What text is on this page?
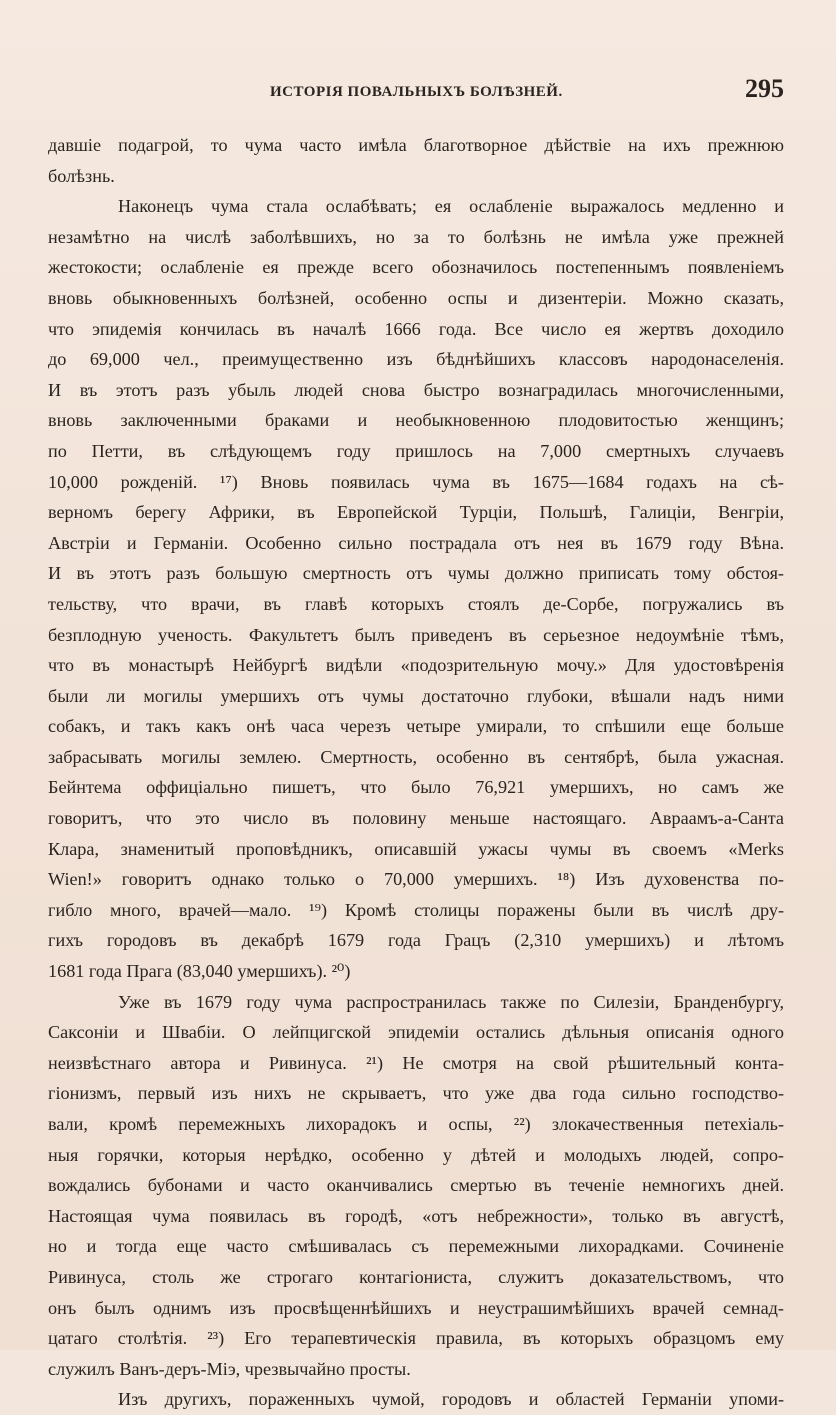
ИСТОРІЯ ПОВАЛЬНЫХЪ БОЛѢЗНЕЙ.	295
давшіе подагрой, то чума часто имѣла благотворное дѣйствіе на ихъ прежнюю
болѣзнь.
Наконецъ чума стала ослабѣвать; ея ослабленіе выражалось медленно и
незамѣтно на числѣ заболѣвшихъ, но за то болѣзнь не имѣла уже прежней
жестокости; ослабленіе ея прежде всего обозначилось постепеннымъ появленіемъ
вновь обыкновенныхъ болѣзней, особенно оспы и дизентеріи. Можно сказать,
что эпидемія кончилась въ началѣ 1666 года. Все число ея жертвъ доходило
до 69,000 чел., преимущественно изъ бѣднѣйшихъ классовъ народонаселенія.
И въ этотъ разъ убыль людей снова быстро вознаградилась многочисленными,
вновь заключенными браками и необыкновенною плодовитостью женщинъ;
по Петти, въ слѣдующемъ году пришлось на 7,000 смертныхъ случаевъ
10,000 рожденій. ¹⁷) Вновь появилась чума въ 1675—1684 годахъ на сѣ-
верномъ берегу Африки, въ Европейской Турціи, Польшѣ, Галиціи, Венгріи,
Австріи и Германіи. Особенно сильно пострадала отъ нея въ 1679 году Вѣна.
И въ этотъ разъ большую смертность отъ чумы должно приписать тому обстоя-
тельству, что врачи, въ главѣ которыхъ стоялъ де-Сорбе, погружались въ
безплодную ученость. Факультетъ былъ приведенъ въ серьезное недоумѣніе тѣмъ,
что въ монастырѣ Нейбургѣ видѣли «подозрительную мочу.» Для удостовѣренія
были ли могилы умершихъ отъ чумы достаточно глубоки, вѣшали надъ ними
собакъ, и такъ какъ онѣ часа черезъ четыре умирали, то спѣшили еще больше
забрасывать могилы землею. Смертность, особенно въ сентябрѣ, была ужасная.
Бейнтема оффиціально пишетъ, что было 76,921 умершихъ, но самъ же
говоритъ, что это число въ половину меньше настоящаго. Авраамъ-а-Санта
Клара, знаменитый проповѣдникъ, описавшій ужасы чумы въ своемъ «Merks
Wien!» говоритъ однако только о 70,000 умершихъ. ¹⁸) Изъ духовенства по-
гибло много, врачей—мало. ¹⁹) Кромѣ столицы поражены были въ числѣ дру-
гихъ городовъ въ декабрѣ 1679 года Грацъ (2,310 умершихъ) и лѣтомъ
1681 года Прага (83,040 умершихъ). ²⁰)
Уже въ 1679 году чума распространилась также по Силезіи, Бранденбургу,
Саксоніи и Швабіи. О лейпцигской эпидеміи остались дѣльныя описанія одного
неизвѣстнаго автора и Ривинуса. ²¹) Не смотря на свой рѣшительный конта-
гіонизмъ, первый изъ нихъ не скрываетъ, что уже два года сильно господство-
вали, кромѣ перемежныхъ лихорадокъ и оспы, ²²) злокачественныя петехіаль-
ныя горячки, которыя нерѣдко, особенно у дѣтей и молодыхъ людей, сопро-
вождались бубонами и часто оканчивались смертью въ теченіе немногихъ дней.
Настоящая чума появилась въ городѣ, «отъ небрежности», только въ августѣ,
но и тогда еще часто смѣшивалась съ перемежными лихорадками. Сочиненіе
Ривинуса, столь же строгаго контагіониста, служитъ доказательствомъ, что
онъ былъ однимъ изъ просвѣщеннѣйшихъ и неустрашимѣйшихъ врачей семнад-
цатаго столѣтія. ²³) Его терапевтическія правила, въ которыхъ образцомъ ему
служилъ Ванъ-деръ-Міэ, чрезвычайно просты.
Изъ другихъ, пораженныхъ чумой, городовъ и областей Германіи упоми-
